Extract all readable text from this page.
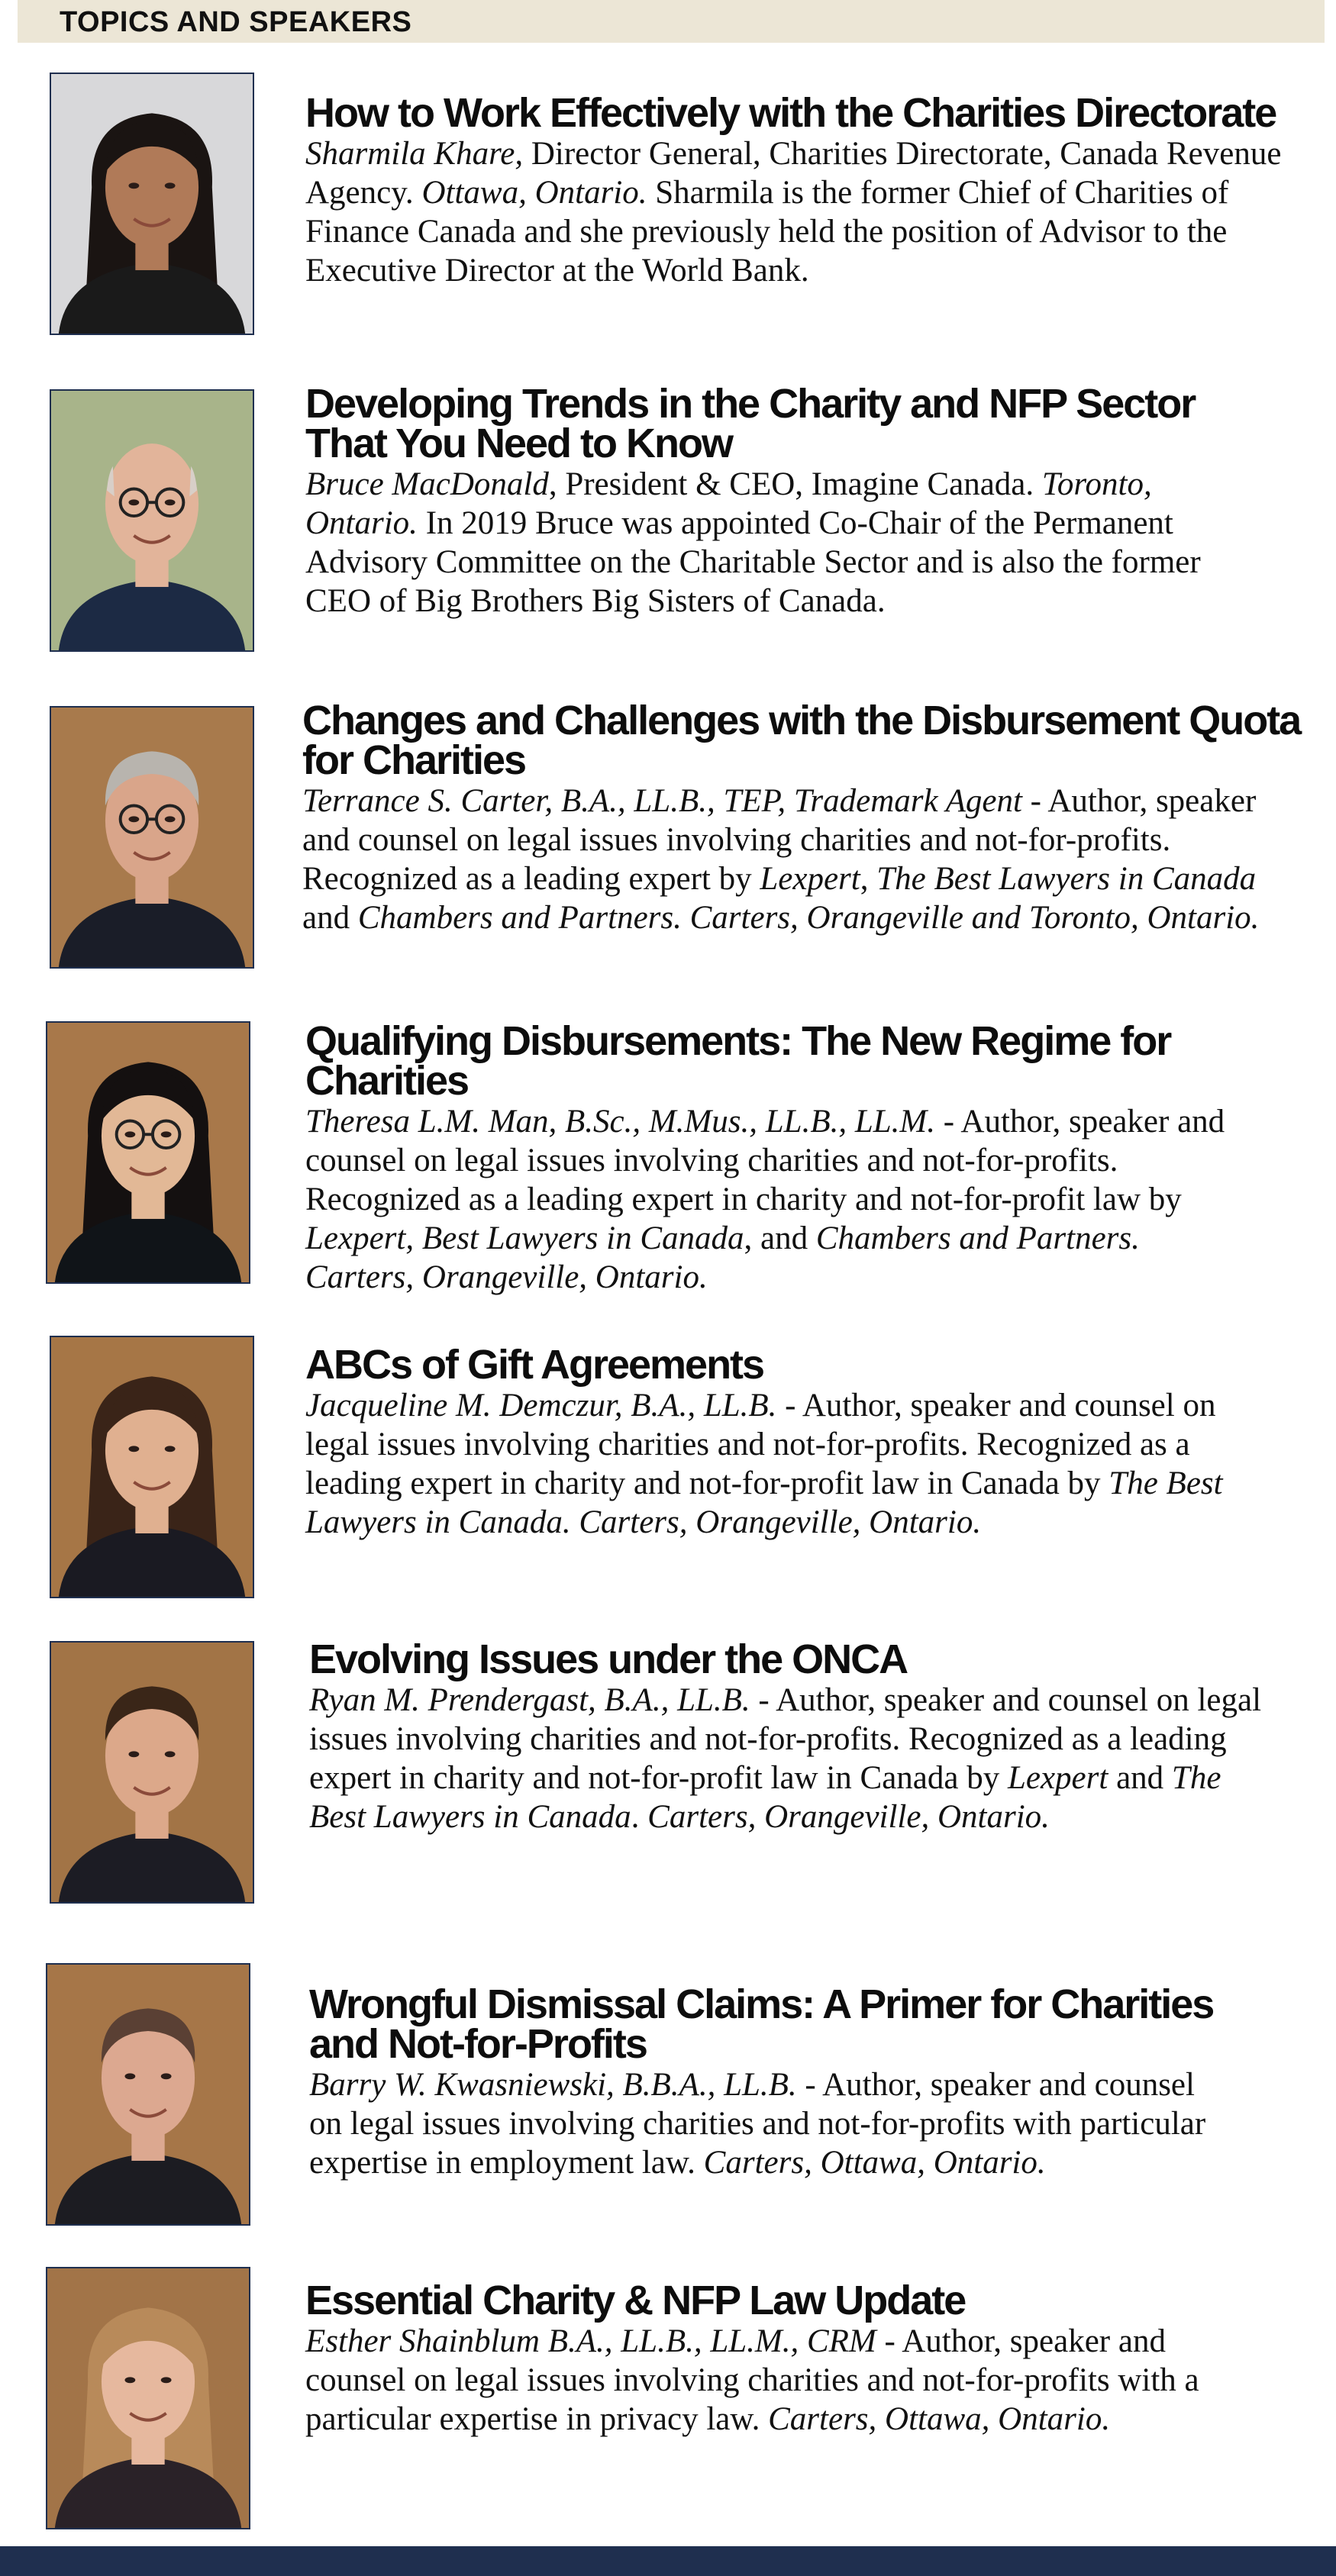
TOPICS AND SPEAKERS
How to Work Effectively with the Charities Directorate

Sharmila Khare, Director General, Charities Directorate, Canada Revenue Agency. Ottawa, Ontario. Sharmila is the former Chief of Charities of Finance Canada and she previously held the position of Advisor to the Executive Director at the World Bank.

Developing Trends in the Charity and NFP Sector That You Need to Know

Bruce MacDonald, President & CEO, Imagine Canada. Toronto, Ontario. In 2019 Bruce was appointed Co-Chair of the Permanent Advisory Committee on the Charitable Sector and is also the former CEO of Big Brothers Big Sisters of Canada.

Changes and Challenges with the Disbursement Quota for Charities

Terrance S. Carter, B.A., LL.B., TEP, Trademark Agent - Author, speaker and counsel on legal issues involving charities and not-for-profits. Recognized as a leading expert by Lexpert, The Best Lawyers in Canada and Chambers and Partners. Carters, Orangeville and Toronto, Ontario.

Qualifying Disbursements: The New Regime for Charities

Theresa L.M. Man, B.Sc., M.Mus., LL.B., LL.M. - Author, speaker and counsel on legal issues involving charities and not-for-profits. Recognized as a leading expert in charity and not-for-profit law by Lexpert, Best Lawyers in Canada, and Chambers and Partners. Carters, Orangeville, Ontario.

ABCs of Gift Agreements

Jacqueline M. Demczur, B.A., LL.B. - Author, speaker and counsel on legal issues involving charities and not-for-profits. Recognized as a leading expert in charity and not-for-profit law in Canada by The Best Lawyers in Canada. Carters, Orangeville, Ontario.

Evolving Issues under the ONCA

Ryan M. Prendergast, B.A., LL.B. - Author, speaker and counsel on legal issues involving charities and not-for-profits. Recognized as a leading expert in charity and not-for-profit law in Canada by Lexpert and The Best Lawyers in Canada. Carters, Orangeville, Ontario.

Wrongful Dismissal Claims: A Primer for Charities and Not-for-Profits

Barry W. Kwasniewski, B.B.A., LL.B. - Author, speaker and counsel on legal issues involving charities and not-for-profits with particular expertise in employment law. Carters, Ottawa, Ontario.

Essential Charity & NFP Law Update

Esther Shainblum B.A., LL.B., LL.M., CRM - Author, speaker and counsel on legal issues involving charities and not-for-profits with a particular expertise in privacy law. Carters, Ottawa, Ontario.
